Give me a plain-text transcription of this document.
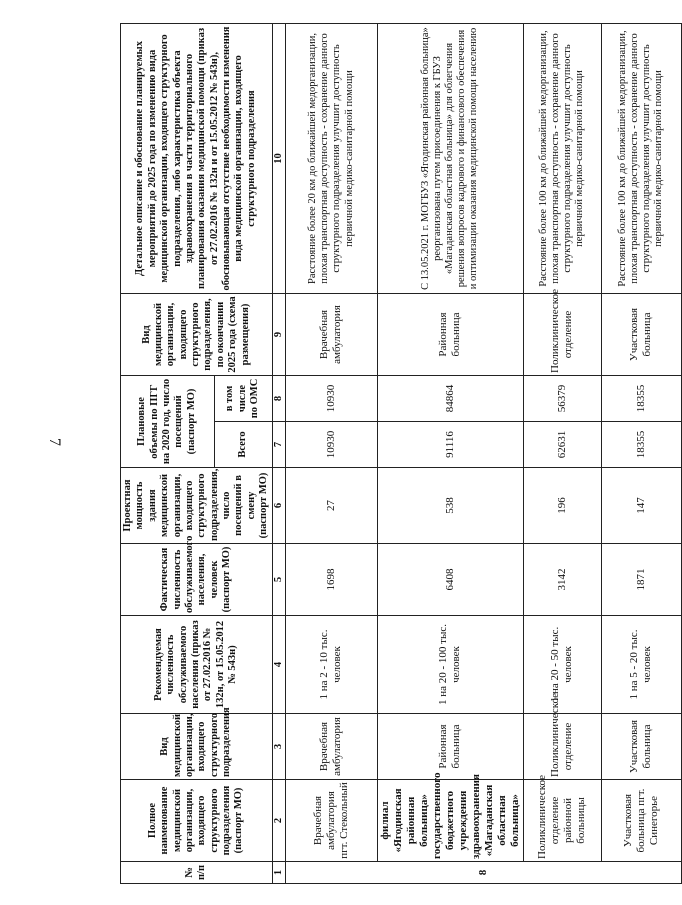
7
№ п/п	Полное наименование медицинской организации, входящего структурного подразделения (паспорт МО)	Вид медицинской организации, входящего структурного подразделения	Рекомендуемая численность обслуживаемого населения (приказ от 27.02.2016 № 132н, от 15.05.2012 № 543н)	Фактическая численность обслуживаемого населения, человек (паспорт МО)	Проектная мощность здания медицинской организации, входящего структурного подразделения, число посещений в смену (паспорт МО)	Плановые объемы по ПГГ на 2020 год, число посещений (паспорт МО)		Вид медицинской организации, входящего структурного подразделения, по окончании 2025 года (схема размещения)	Детальное описание и обоснование планируемых мероприятий до 2025 года по изменению вида медицинской организации, входящего структурного подразделения, либо характеристика объекта здравоохранения в части территориального планирования оказания медицинской помощи (приказ от 27.02.2016 № 132н и от 15.05.2012 № 543н), обосновывающая отсутствие необходимости изменения вида медицинской организации, входящего структурного подразделения
						Всего	в том числе по ОМС		
1	2	3	4	5	6	7	8	9	10
8	Врачебная амбулатория пгт. Стекольный	Врачебная амбулатория	1 на 2 - 10 тыс. человек	1698	27	10930	10930	Врачебная амбулатория	Расстояние более 20 км до ближайшей медорганизации, плохая транспортная доступность - сохранение данного структурного подразделения улучшит доступность первичной медико-санитарной помощи
	филиал «Ягодинская районная больница» государственного бюджетного учреждения здравоохранения «Магаданская областная больница»	Районная больница	1 на 20 - 100 тыс. человек	6408	538	91116	84864	Районная больница	С 13.05.2021 г. МОГБУЗ «Ягодинская районная больница» реорганизована путем присоединения к ГБУЗ «Магаданская областная больница» для облегчения решения вопросов кадрового и финансового обеспечения и оптимизации оказания медицинской помощи населению
	Поликлиническое отделение районной больницы	Поликлиническое отделение	1 на 20 - 50 тыс. человек	3142	196	62631	56379	Поликлиническое отделение	Расстояние более 100 км до ближайшей медорганизации, плохая транспортная доступность - сохранение данного структурного подразделения улучшит доступность первичной медико-санитарной помощи
	Участковая больница пгт. Синегорье	Участковая больница	1 на 5 - 20 тыс. человек	1871	147	18355	18355	Участковая больница	Расстояние более 100 км до ближайшей медорганизации, плохая транспортная доступность - сохранение данного структурного подразделения улучшит доступность первичной медико-санитарной помощи
